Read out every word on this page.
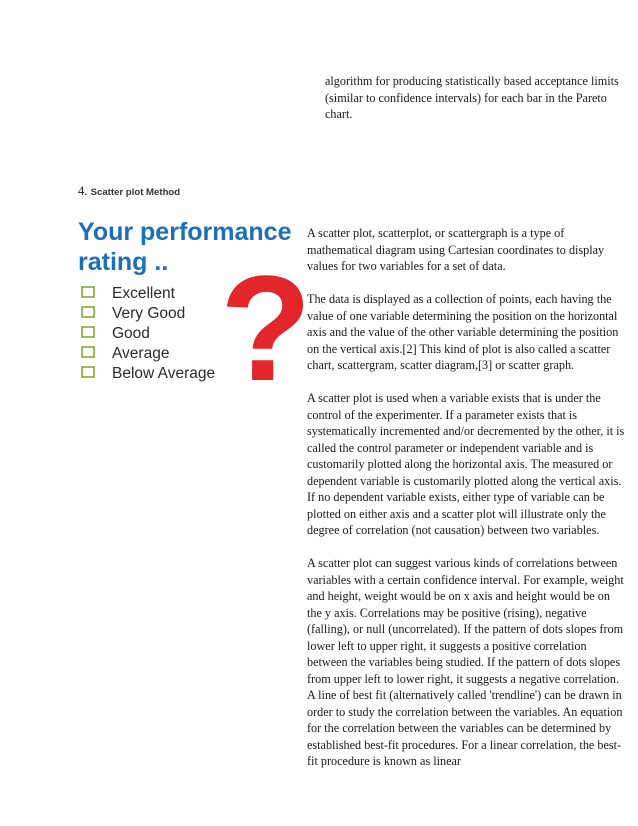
algorithm for producing statistically based acceptance limits (similar to confidence intervals) for each bar in the Pareto chart.

4. Scatter plot Method
Your performance
rating .. ?
Excellent
Very Good
Good
Average
Below Average

A scatter plot, scatterplot, or scattergraph is a type of mathematical diagram using Cartesian coordinates to display values for two variables for a set of data.

The data is displayed as a collection of points, each having the value of one variable determining the position on the horizontal axis and the value of the other variable determining the position on the vertical axis.[2] This kind of plot is also called a scatter chart, scattergram, scatter diagram,[3] or scatter graph.

A scatter plot is used when a variable exists that is under the control of the experimenter. If a parameter exists that is systematically incremented and/or decremented by the other, it is called the control parameter or independent variable and is customarily plotted along the horizontal axis. The measured or dependent variable is customarily plotted along the vertical axis. If no dependent variable exists, either type of variable can be plotted on either axis and a scatter plot will illustrate only the degree of correlation (not causation) between two variables.

A scatter plot can suggest various kinds of correlations between variables with a certain confidence interval. For example, weight and height, weight would be on x axis and height would be on the y axis. Correlations may be positive (rising), negative (falling), or null (uncorrelated). If the pattern of dots slopes from lower left to upper right, it suggests a positive correlation between the variables being studied. If the pattern of dots slopes from upper left to lower right, it suggests a negative correlation. A line of best fit (alternatively called 'trendline') can be drawn in order to study the correlation between the variables. An equation for the correlation between the variables can be determined by established best-fit procedures. For a linear correlation, the best-fit procedure is known as linear
